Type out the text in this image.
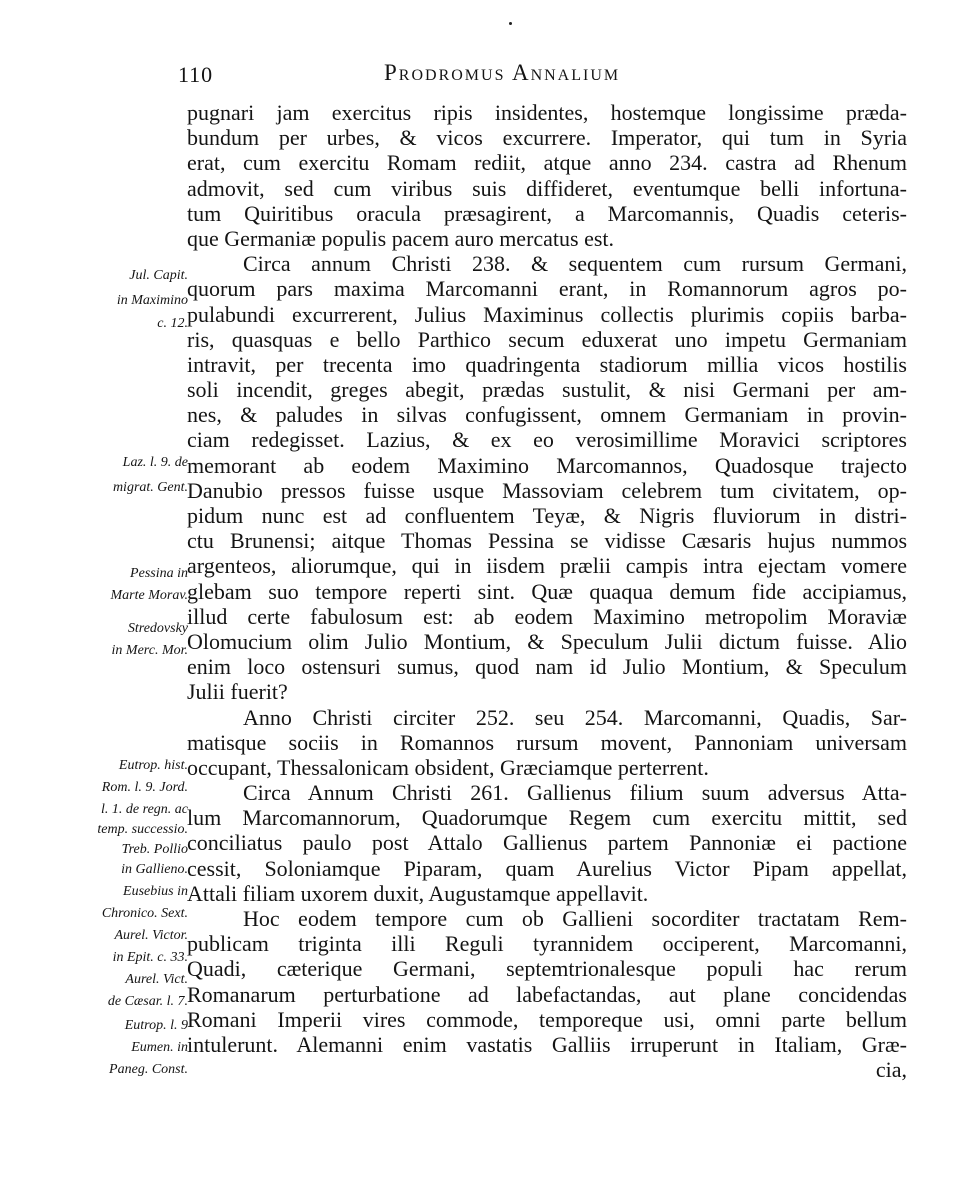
110	Prodromus Annalium
pugnari jam exercitus ripis insidentes, hostemque longissime præda-
bundum per urbes, & vicos excurrere. Imperator, qui tum in Syria
erat, cum exercitu Romam rediit, atque anno 234. castra ad Rhenum
admovit, sed cum viribus suis diffideret, eventumque belli infortuna-
tum Quiritibus oracula præsagirent, a Marcomannis, Quadis ceteris-
que Germaniæ populis pacem auro mercatus est.
Circa annum Christi 238. & sequentem cum rursum Germani,
quorum pars maxima Marcomanni erant, in Romannorum agros po-
pulabundi excurrerent, Julius Maximinus collectis plurimis copiis barba-
ris, quasquas e bello Parthico secum eduxerat uno impetu Germaniam
intravit, per trecenta imo quadringenta stadiorum millia vicos hostilis
soli incendit, greges abegit, prædas sustulit, & nisi Germani per am-
nes, & paludes in silvas confugissent, omnem Germaniam in provin-
ciam redegisset. Lazius, & ex eo verosimillime Moravici scriptores
memorant ab eodem Maximino Marcomannos, Quadosque trajecto
Danubio pressos fuisse usque Massoviam celebrem tum civitatem, op-
pidum nunc est ad confluentem Teyæ, & Nigris fluviorum in distri-
ctu Brunensi; aitque Thomas Pessina se vidisse Cæsaris hujus nummos
argenteos, aliorumque, qui in iisdem prælii campis intra ejectam vomere
glebam suo tempore reperti sint. Quæ quaqua demum fide accipiamus,
illud certe fabulosum est: ab eodem Maximino metropolim Moraviæ
Olomucium olim Julio Montium, & Speculum Julii dictum fuisse. Alio
enim loco ostensuri sumus, quod nam id Julio Montium, & Speculum
Julii fuerit?
Anno Christi circiter 252. seu 254. Marcomanni, Quadis, Sar-
matisque sociis in Romannos rursum movent, Pannoniam universam
occupant, Thessalonicam obsident, Græciamque perterrent.
Circa Annum Christi 261. Gallienus filium suum adversus Atta-
lum Marcomannorum, Quadorumque Regem cum exercitu mittit, sed
conciliatus paulo post Attalo Gallienus partem Pannoniæ ei pactione
cessit, Soloniamque Piparam, quam Aurelius Victor Pipam appellat,
Attali filiam uxorem duxit, Augustamque appellavit.
Hoc eodem tempore cum ob Gallieni socorditer tractatam Rem-
publicam triginta illi Reguli tyrannidem occiperent, Marcomanni,
Quadi, cæterique Germani, septemtrionalesque populi hac rerum
Romanarum perturbatione ad labefactandas, aut plane concidendas
Romani Imperii vires commode, temporeque usi, omni parte bellum
intulerunt. Alemanni enim vastatis Galliis irruperunt in Italiam, Græ-
cia,
Jul. Capit.
in Maximino
c. 12.
Laz. l. 9. de
migrat. Gent.
Pessina in
Marte Morav.
Stredovsky
in Merc. Mor.
Eutrop. hist.
Rom. l. 9. Jord.
l. 1. de regn. ac
temp. successio.
Treb. Pollio
in Gallieno.
Eusebius in
Chronico. Sext.
Aurel. Victor.
in Epit. c. 33.
Aurel. Vict.
de Cæsar. l. 7.
Eutrop. l. 9
Eumen. in
Paneg. Const.
